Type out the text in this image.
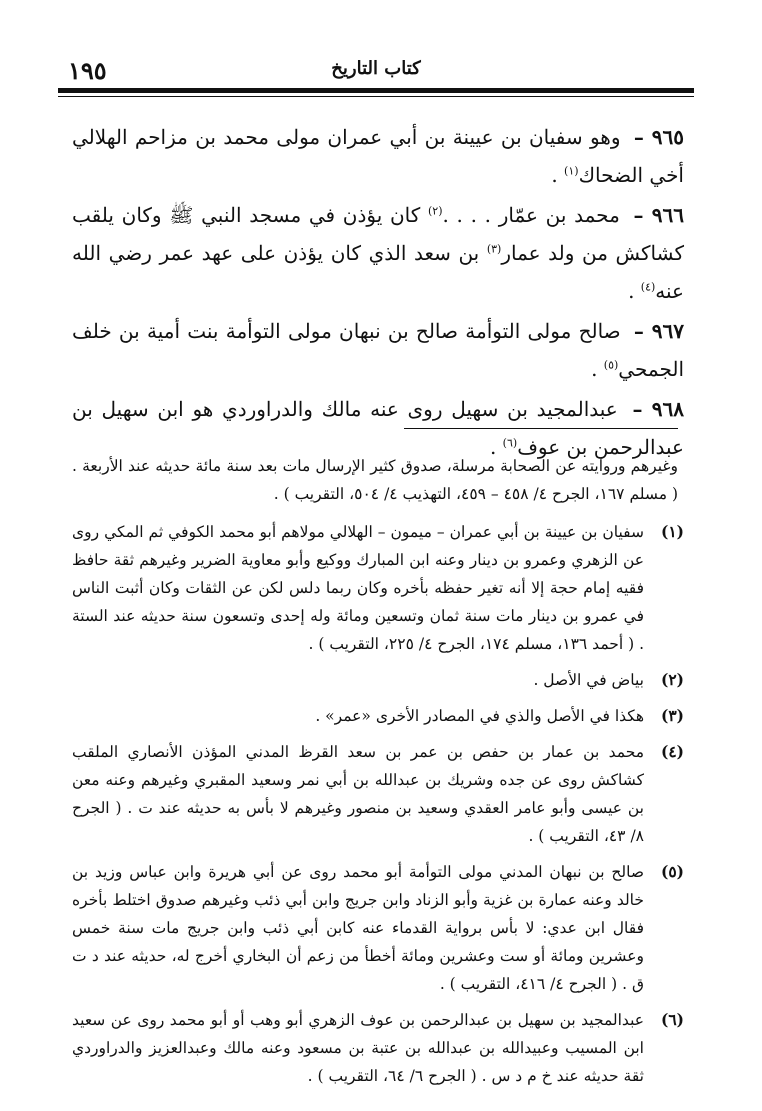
١٩٥	كتاب التاريخ

٩٦٥ – وهو سفيان بن عيينة بن أبي عمران مولى محمد بن مزاحم الهلالي أخي الضحاك$^{(١)}$ .

٩٦٦ – محمد بن عمّار . . . .$^{(٢)}$ كان يؤذن في مسجد النبي ﷺ وكان يلقب كشاكش من ولد عمار$^{(٣)}$ بن سعد الذي كان يؤذن على عهد عمر رضي الله عنه$^{(٤)}$ .

٩٦٧ – صالح مولى التوأمة صالح بن نبهان مولى التوأمة بنت أمية بن خلف الجمحي$^{(٥)}$ .

٩٦٨ – عبدالمجيد بن سهيل روى عنه مالك والدراوردي هو ابن سهيل بن عبدالرحمن بن عوف$^{(٦)}$ .

وغيرهم وروايته عن الصحابة مرسلة، صدوق كثير الإرسال مات بعد سنة مائة حديثه عند الأربعة . ( مسلم ١٦٧، الجرح ٤/ ٤٥٨ – ٤٥٩، التهذيب ٤/ ٥٠٤، التقريب ) .

(١)
سفيان بن عيينة بن أبي عمران – ميمون – الهلالي مولاهم أبو محمد الكوفي ثم المكي روى عن الزهري وعمرو بن دينار وعنه ابن المبارك ووكيع وأبو معاوية الضرير وغيرهم ثقة حافظ فقيه إمام حجة إلا أنه تغير حفظه بأخره وكان ربما دلس لكن عن الثقات وكان أثبت الناس في عمرو بن دينار مات سنة ثمان وتسعين ومائة وله إحدى وتسعون سنة حديثه عند الستة . ( أحمد ١٣٦، مسلم ١٧٤، الجرح ٤/ ٢٢٥، التقريب ) .
(٢)
بياض في الأصل .
(٣)
هكذا في الأصل والذي في المصادر الأخرى «عمر» .
(٤)
محمد بن عمار بن حفص بن عمر بن سعد القرظ المدني المؤذن الأنصاري الملقب كشاكش روى عن جده وشريك بن عبدالله بن أبي نمر وسعيد المقبري وغيرهم وعنه معن بن عيسى وأبو عامر العقدي وسعيد بن منصور وغيرهم لا بأس به حديثه عند ت . ( الجرح ٨/ ٤٣، التقريب ) .
(٥)
صالح بن نبهان المدني مولى التوأمة أبو محمد روى عن أبي هريرة وابن عباس وزيد بن خالد وعنه عمارة بن غزية وأبو الزناد وابن جريج وابن أبي ذئب وغيرهم صدوق اختلط بأخره فقال ابن عدي: لا بأس برواية القدماء عنه كابن أبي ذئب وابن جريج مات سنة خمس وعشرين ومائة أو ست وعشرين ومائة أخطأ من زعم أن البخاري أخرج له، حديثه عند د ت ق . ( الجرح ٤/ ٤١٦، التقريب ) .
(٦)
عبدالمجيد بن سهيل بن عبدالرحمن بن عوف الزهري أبو وهب أو أبو محمد روى عن سعيد ابن المسيب وعبيدالله بن عبدالله بن عتبة بن مسعود وعنه مالك وعبدالعزيز والدراوردي ثقة حديثه عند خ م د س . ( الجرح ٦/ ٦٤، التقريب ) .
